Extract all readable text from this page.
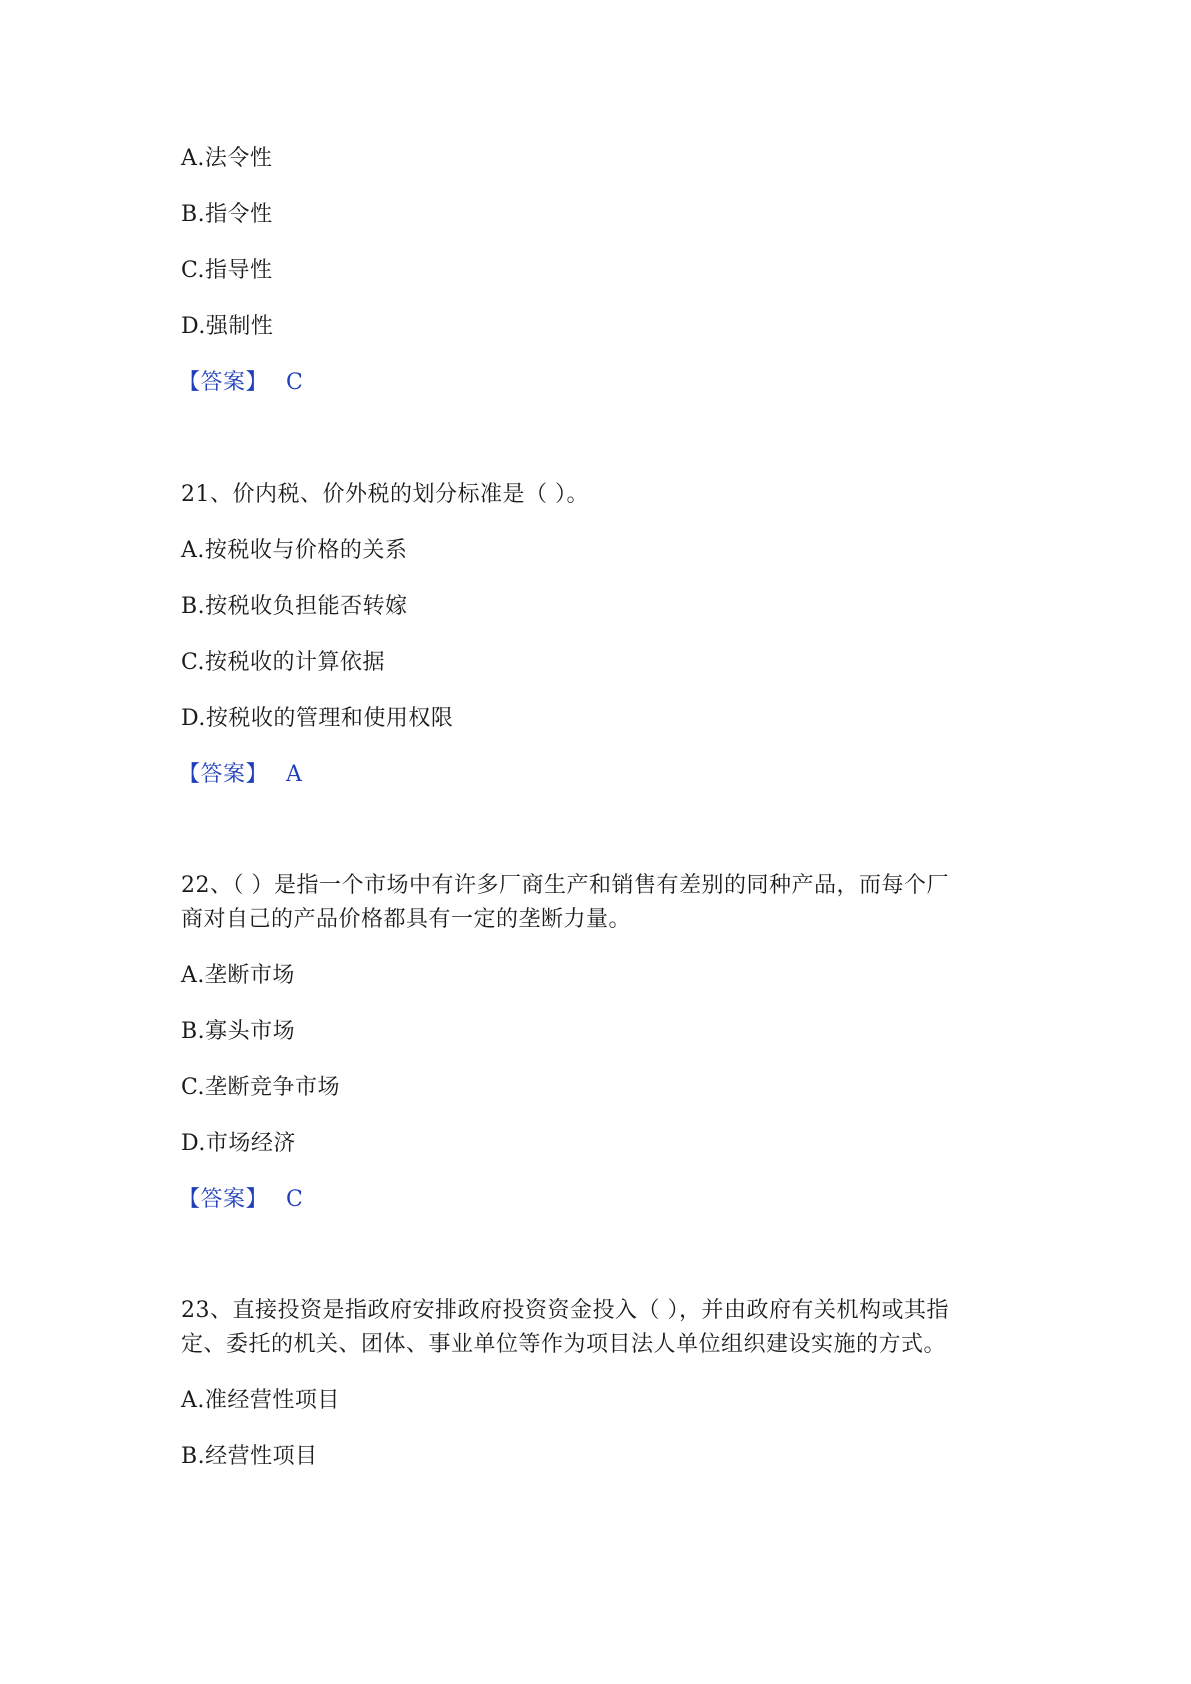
A.法令性
B.指令性
C.指导性
D.强制性
【答案】 C
21、价内税、价外税的划分标准是（ ）。
A.按税收与价格的关系
B.按税收负担能否转嫁
C.按税收的计算依据
D.按税收的管理和使用权限
【答案】 A
22、（ ）是指一个市场中有许多厂商生产和销售有差别的同种产品，而每个厂
商对自己的产品价格都具有一定的垄断力量。
A.垄断市场
B.寡头市场
C.垄断竞争市场
D.市场经济
【答案】 C
23、直接投资是指政府安排政府投资资金投入（ ），并由政府有关机构或其指
定、委托的机关、团体、事业单位等作为项目法人单位组织建设实施的方式。
A.准经营性项目
B.经营性项目
